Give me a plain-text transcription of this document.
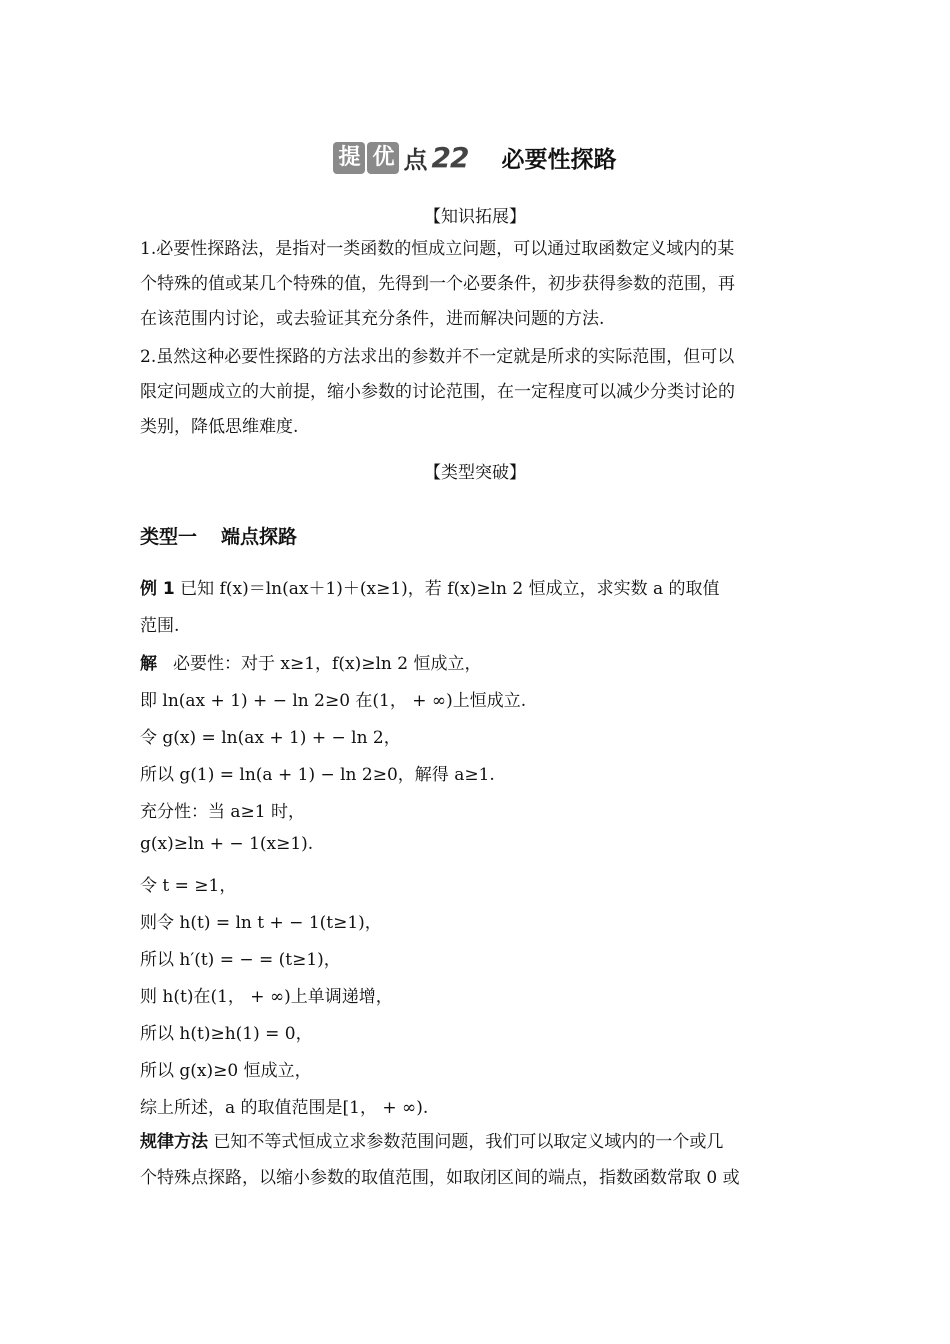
提 优 点 22 必要性探路
【知识拓展】
1.必要性探路法，是指对一类函数的恒成立问题，可以通过取函数定义域内的某
个特殊的值或某几个特殊的值，先得到一个必要条件，初步获得参数的范围，再
在该范围内讨论，或去验证其充分条件，进而解决问题的方法.
2.虽然这种必要性探路的方法求出的参数并不一定就是所求的实际范围，但可以
限定问题成立的大前提，缩小参数的讨论范围，在一定程度可以减少分类讨论的
类别，降低思维难度.
【类型突破】
类型一 端点探路
例 1 已知 f(x)＝ln(ax＋1)＋(x≥1)，若 f(x)≥ln 2 恒成立，求实数 a 的取值
范围.
解 必要性：对于 x≥1，f(x)≥ln 2 恒成立，
即 ln(ax + 1) + − ln 2≥0 在(1， + ∞)上恒成立.
令 g(x) = ln(ax + 1) + − ln 2，
所以 g(1) = ln(a + 1) − ln 2≥0，解得 a≥1.
充分性：当 a≥1 时，
g(x)≥ln + − 1(x≥1).
令 t = ≥1，
则令 h(t) = ln t + − 1(t≥1)，
所以 h′(t) = − = (t≥1)，
则 h(t)在(1， + ∞)上单调递增，
所以 h(t)≥h(1) = 0，
所以 g(x)≥0 恒成立，
综上所述，a 的取值范围是[1， + ∞).
规律方法 已知不等式恒成立求参数范围问题，我们可以取定义域内的一个或几
个特殊点探路，以缩小参数的取值范围，如取闭区间的端点，指数函数常取 0 或
